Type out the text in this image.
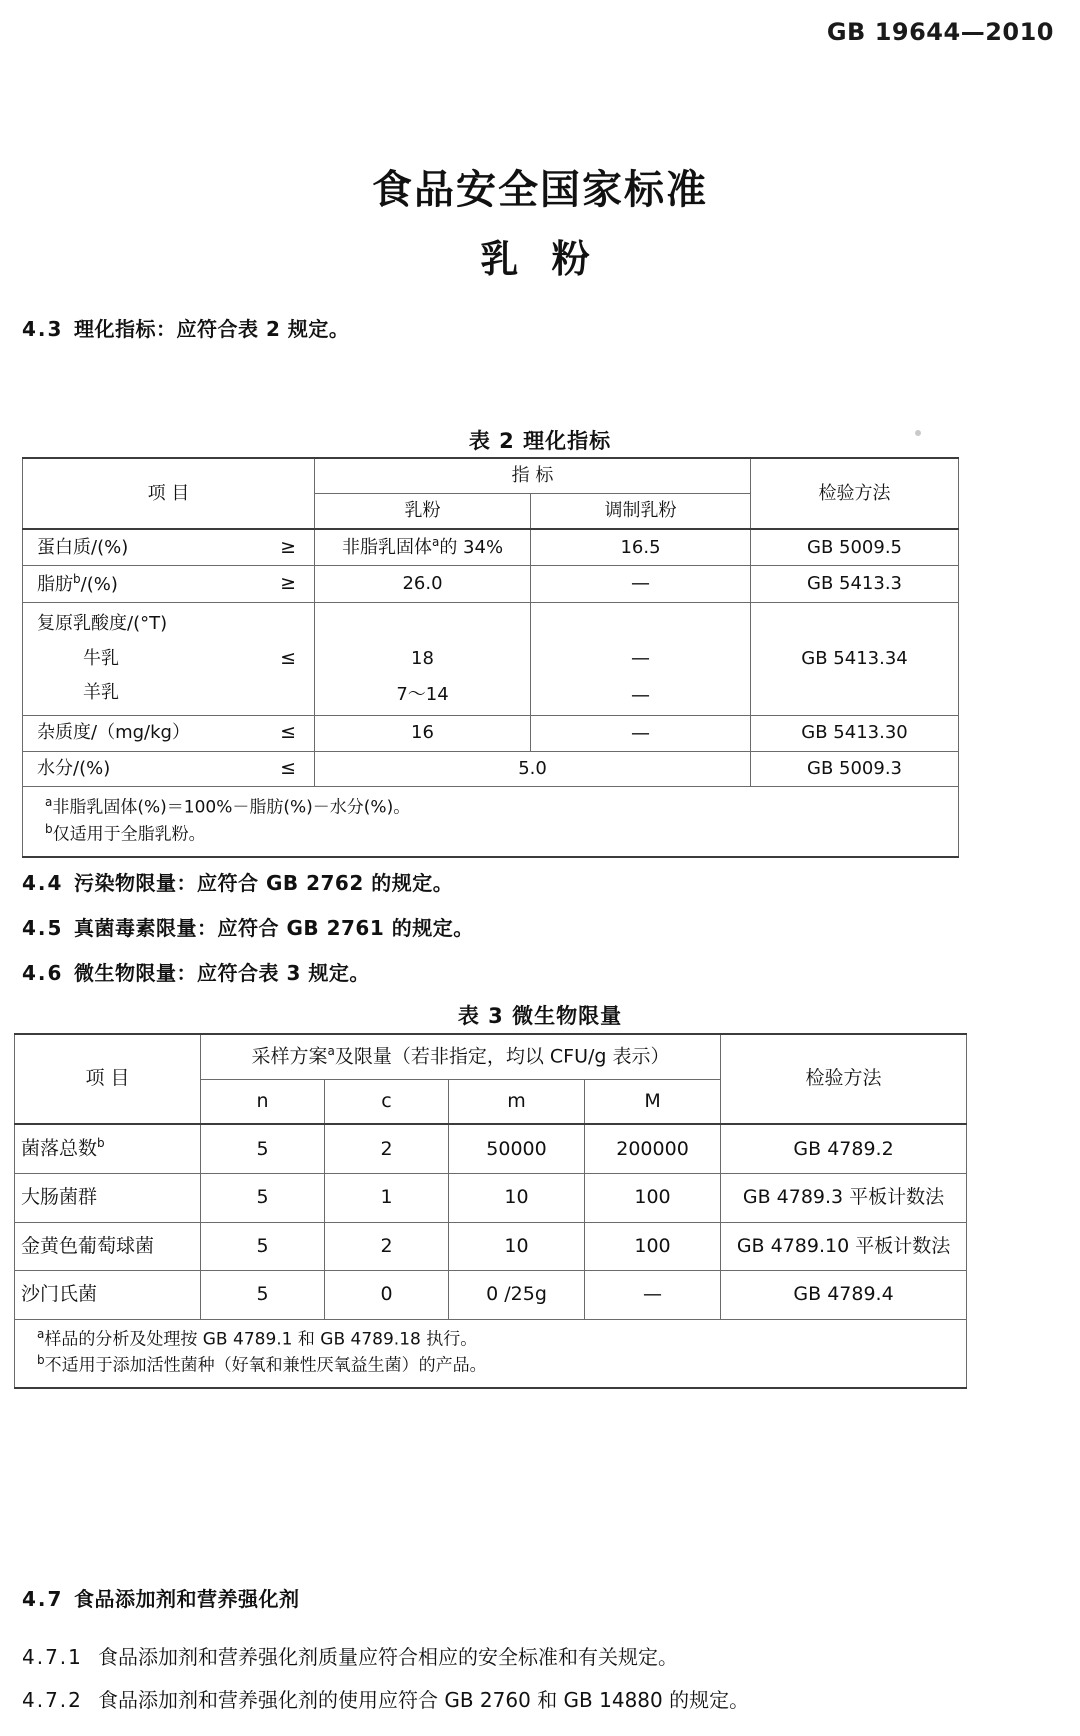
GB 19644—2010
食品安全国家标准
乳 粉
4.3 理化指标：应符合表 2 规定。
表 2 理化指标
项 目	指 标		检验方法
	乳粉	调制乳粉	
蛋白质/(%) ≥	非脂乳固体$^a$的 34%	16.5	GB 5009.5
脂肪$^b$/(%) ≥	26.0	—	GB 5413.3
复原乳酸度/(°T)			GB 5413.34
牛乳 ≤	18	—	
羊乳	7～14	—	
杂质度/（mg/kg） ≤	16	—	GB 5413.30
水分/(%) ≤	5.0		GB 5009.3

$^a$非脂乳固体(%)＝100%－脂肪(%)－水分(%)。
$^b$仅适用于全脂乳粉。			
4.4 污染物限量：应符合 GB 2762 的规定。
4.5 真菌毒素限量：应符合 GB 2761 的规定。
4.6 微生物限量：应符合表 3 规定。
表 3 微生物限量
项 目	采样方案$^a$及限量（若非指定，均以 CFU/g 表示）				检验方法
	n	c	m	M	
菌落总数$^b$	5	2	50000	200000	GB 4789.2
大肠菌群	5	1	10	100	GB 4789.3 平板计数法
金黄色葡萄球菌	5	2	10	100	GB 4789.10 平板计数法
沙门氏菌	5	0	0 /25g	—	GB 4789.4

$^a$样品的分析及处理按 GB 4789.1 和 GB 4789.18 执行。
$^b$不适用于添加活性菌种（好氧和兼性厌氧益生菌）的产品。					
4.7 食品添加剂和营养强化剂
4.7.1 食品添加剂和营养强化剂质量应符合相应的安全标准和有关规定。
4.7.2 食品添加剂和营养强化剂的使用应符合 GB 2760 和 GB 14880 的规定。
